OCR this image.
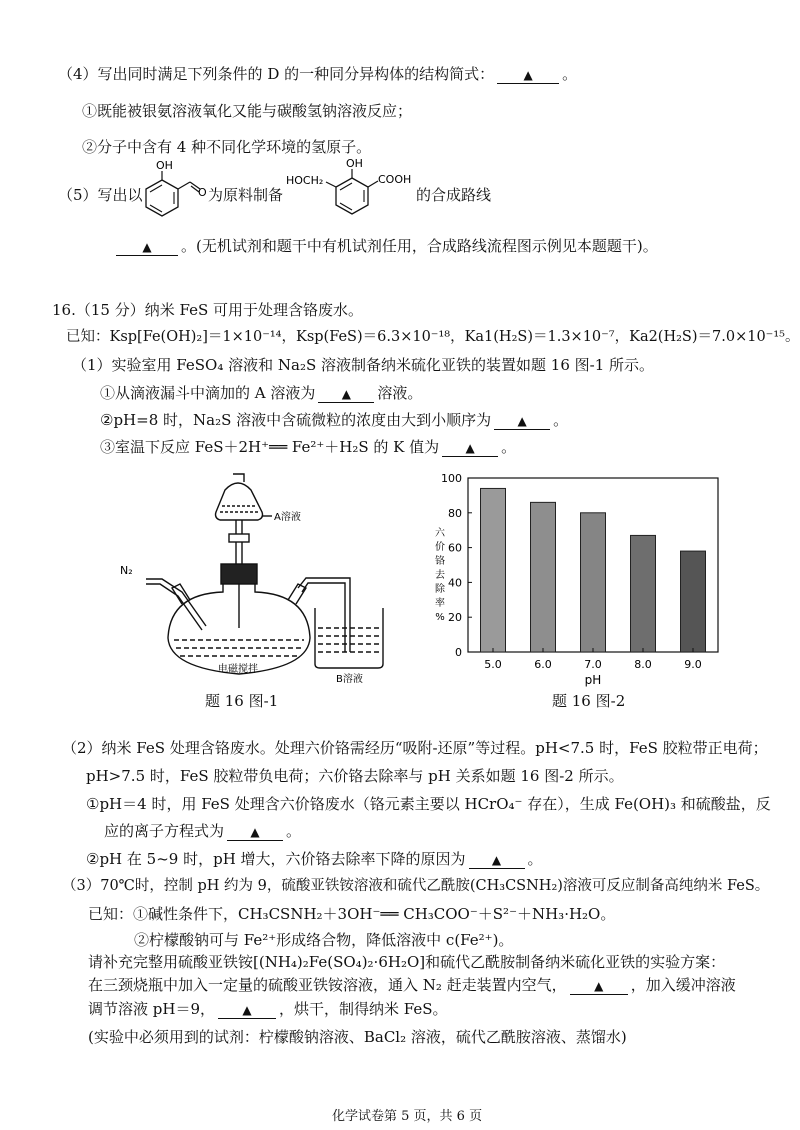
（4）写出同时满足下列条件的 D 的一种同分异构体的结构简式： ▲ 。
①既能被银氨溶液氧化又能与碳酸氢钠溶液反应；
②分子中含有 4 种不同化学环境的氢原子。
（5）写出以
OH
O 为原料制备
OH
HOCH₂	COOH
的合成路线
▲ 。(无机试剂和题干中有机试剂任用，合成路线流程图示例见本题题干)。
16.（15 分）纳米 FeS 可用于处理含铬废水。
已知：Ksp[Fe(OH)₂]＝1×10⁻¹⁴，Ksp(FeS)＝6.3×10⁻¹⁸，Ka1(H₂S)＝1.3×10⁻⁷，Ka2(H₂S)＝7.0×10⁻¹⁵。
（1）实验室用 FeSO₄ 溶液和 Na₂S 溶液制备纳米硫化亚铁的装置如题 16 图-1 所示。
①从滴液漏斗中滴加的 A 溶液为 ▲ 溶液。
②pH=8 时，Na₂S 溶液中含硫微粒的浓度由大到小顺序为 ▲ 。
③室温下反应 FeS＋2H⁺══ Fe²⁺＋H₂S 的 K 值为 ▲ 。
A溶液
N₂
电磁搅拌
B溶液
题 16 图-1
0
20
40
60
80
100
5.0	6.0	7.0	8.0	9.0
pH
六价铬去除率%
题 16 图-2
（2）纳米 FeS 处理含铬废水。处理六价铬需经历“吸附-还原”等过程。pH<7.5 时，FeS 胶粒带正电荷；
pH>7.5 时，FeS 胶粒带负电荷；六价铬去除率与 pH 关系如题 16 图-2 所示。
①pH＝4 时，用 FeS 处理含六价铬废水（铬元素主要以 HCrO₄⁻ 存在），生成 Fe(OH)₃ 和硫酸盐，反
应的离子方程式为 ▲ 。
②pH 在 5~9 时，pH 增大，六价铬去除率下降的原因为 ▲ 。
（3）70℃时，控制 pH 约为 9，硫酸亚铁铵溶液和硫代乙酰胺(CH₃CSNH₂)溶液可反应制备高纯纳米 FeS。
已知：①碱性条件下，CH₃CSNH₂＋3OH⁻══ CH₃COO⁻＋S²⁻＋NH₃·H₂O。
②柠檬酸钠可与 Fe²⁺形成络合物，降低溶液中 c(Fe²⁺)。
请补充完整用硫酸亚铁铵[(NH₄)₂Fe(SO₄)₂·6H₂O]和硫代乙酰胺制备纳米硫化亚铁的实验方案：
在三颈烧瓶中加入一定量的硫酸亚铁铵溶液，通入 N₂ 赶走装置内空气， ▲ ，加入缓冲溶液
调节溶液 pH＝9， ▲ ，烘干，制得纳米 FeS。
(实验中必须用到的试剂：柠檬酸钠溶液、BaCl₂ 溶液，硫代乙酰胺溶液、蒸馏水)
化学试卷第 5 页，共 6 页
